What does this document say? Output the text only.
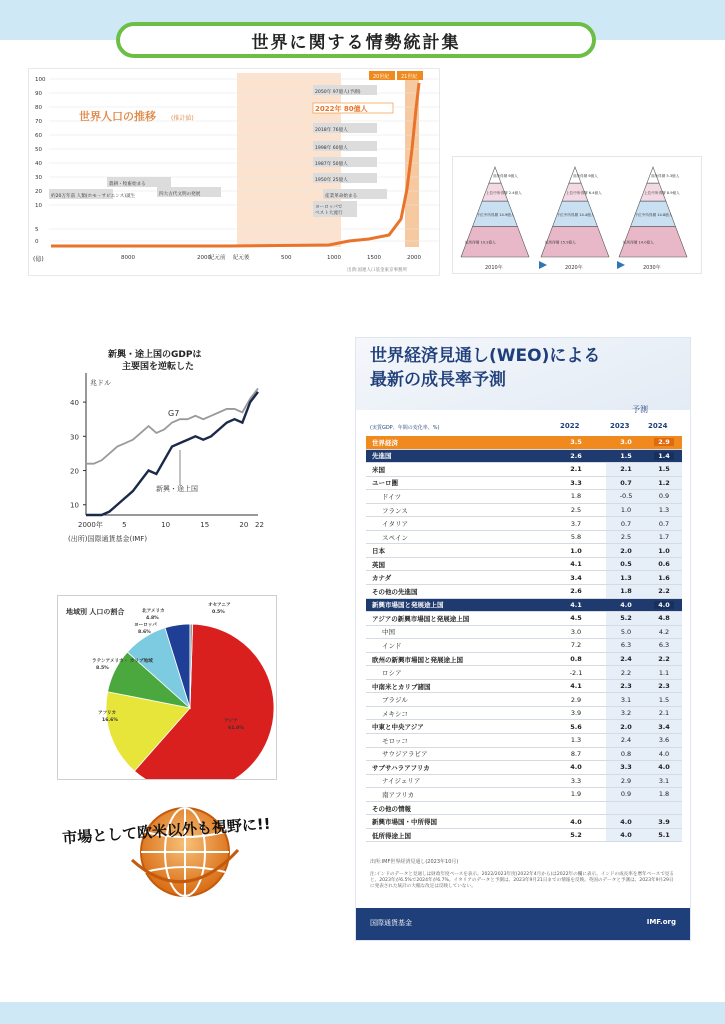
世界に関する情勢統計集
100
90
80
70
60
50
40
30
20
10
5
0
8000	2000
紀元前 紀元後	500	1000	1500	2000
世界人口の推移	(推計値)
(億)
20世紀 21世紀
2050年 97億人(予測)
2022年 80億人
2018年 76億人
1998年 60億人
1987年 50億人
1950年 25億人
産業革命始まる
ヨーロッパで
ペスト大流行
約20万年前 人類(ホモ・サピエンス)誕生
農耕・牧畜始まる
四大古代文明の発展
出典:国連人口基金東京事務所
高所得層 6億人
上位中所得層 2.4億人
下位中所得層 14.9億人
低所得層 19.2億人
2010年
高所得層 6億人
上位中所得層 6.4億人
下位中所得層 14.4億人
低所得層 15.9億人
2020年
高所得層 5.3億人
上位中所得層 8.9億人
下位中所得層 14.8億人
低所得層 14.0億人
2030年
新興・途上国のGDPは
主要国を逆転した
兆ドル
40
30
20
10
2000年	5	10	15	20 22
G7
新興・途上国
(出所)国際通貨基金(IMF)
地域別 人口の割合
オセアニア
0.5%
北アメリカ
4.8%
ヨーロッパ
8.6%
ラテンアメリカ・ カリブ地域
8.5%
アフリカ
16.6%	アジア
61.0%
市場として欧米以外も視野に!!
世界経済見通し(WEO)による
最新の成長率予測
予測
(実質GDP、年間の変化率、%)	2022	2023	2024
世界経済	3.5	3.0	2.9
先進国	2.6	1.5	1.4
米国	2.1	2.1	1.5
ユーロ圏	3.3	0.7	1.2
ドイツ	1.8	-0.5	0.9
フランス	2.5	1.0	1.3
イタリア	3.7	0.7	0.7
スペイン	5.8	2.5	1.7
日本	1.0	2.0	1.0
英国	4.1	0.5	0.6
カナダ	3.4	1.3	1.6
その他の先進国	2.6	1.8	2.2
新興市場国と発展途上国	4.1	4.0	4.0
アジアの新興市場国と発展途上国	4.5	5.2	4.8
中国	3.0	5.0	4.2
インド	7.2	6.3	6.3
欧州の新興市場国と発展途上国	0.8	2.4	2.2
ロシア	-2.1	2.2	1.1
中南米とカリブ諸国	4.1	2.3	2.3
ブラジル	2.9	3.1	1.5
メキシコ	3.9	3.2	2.1
中東と中央アジア	5.6	2.0	3.4
モロッコ	1.3	2.4	3.6
サウジアラビア	8.7	0.8	4.0
サブサハラアフリカ	4.0	3.3	4.0
ナイジェリア	3.3	2.9	3.1
南アフリカ	1.9	0.9	1.8
その他の情報
新興市場国・中所得国	4.0	4.0	3.9
低所得途上国	5.2	4.0	5.1
出所:IMF世界経済見通し(2023年10月)
注:インドのデータと見通しは財政年度ベースを表示。2022/2023年度(2022年4月から)は2022年の欄に表示。インドの成長率を暦年ベースで見ると、2023年が6.5%で2024年が6.7%。イタリアのデータと予測は、2023年9月21日までの情報を反映。英国のデータと予測は、2023年9月29日に発表された統計の大幅な改定は反映していない。
国際通貨基金	IMF.org
